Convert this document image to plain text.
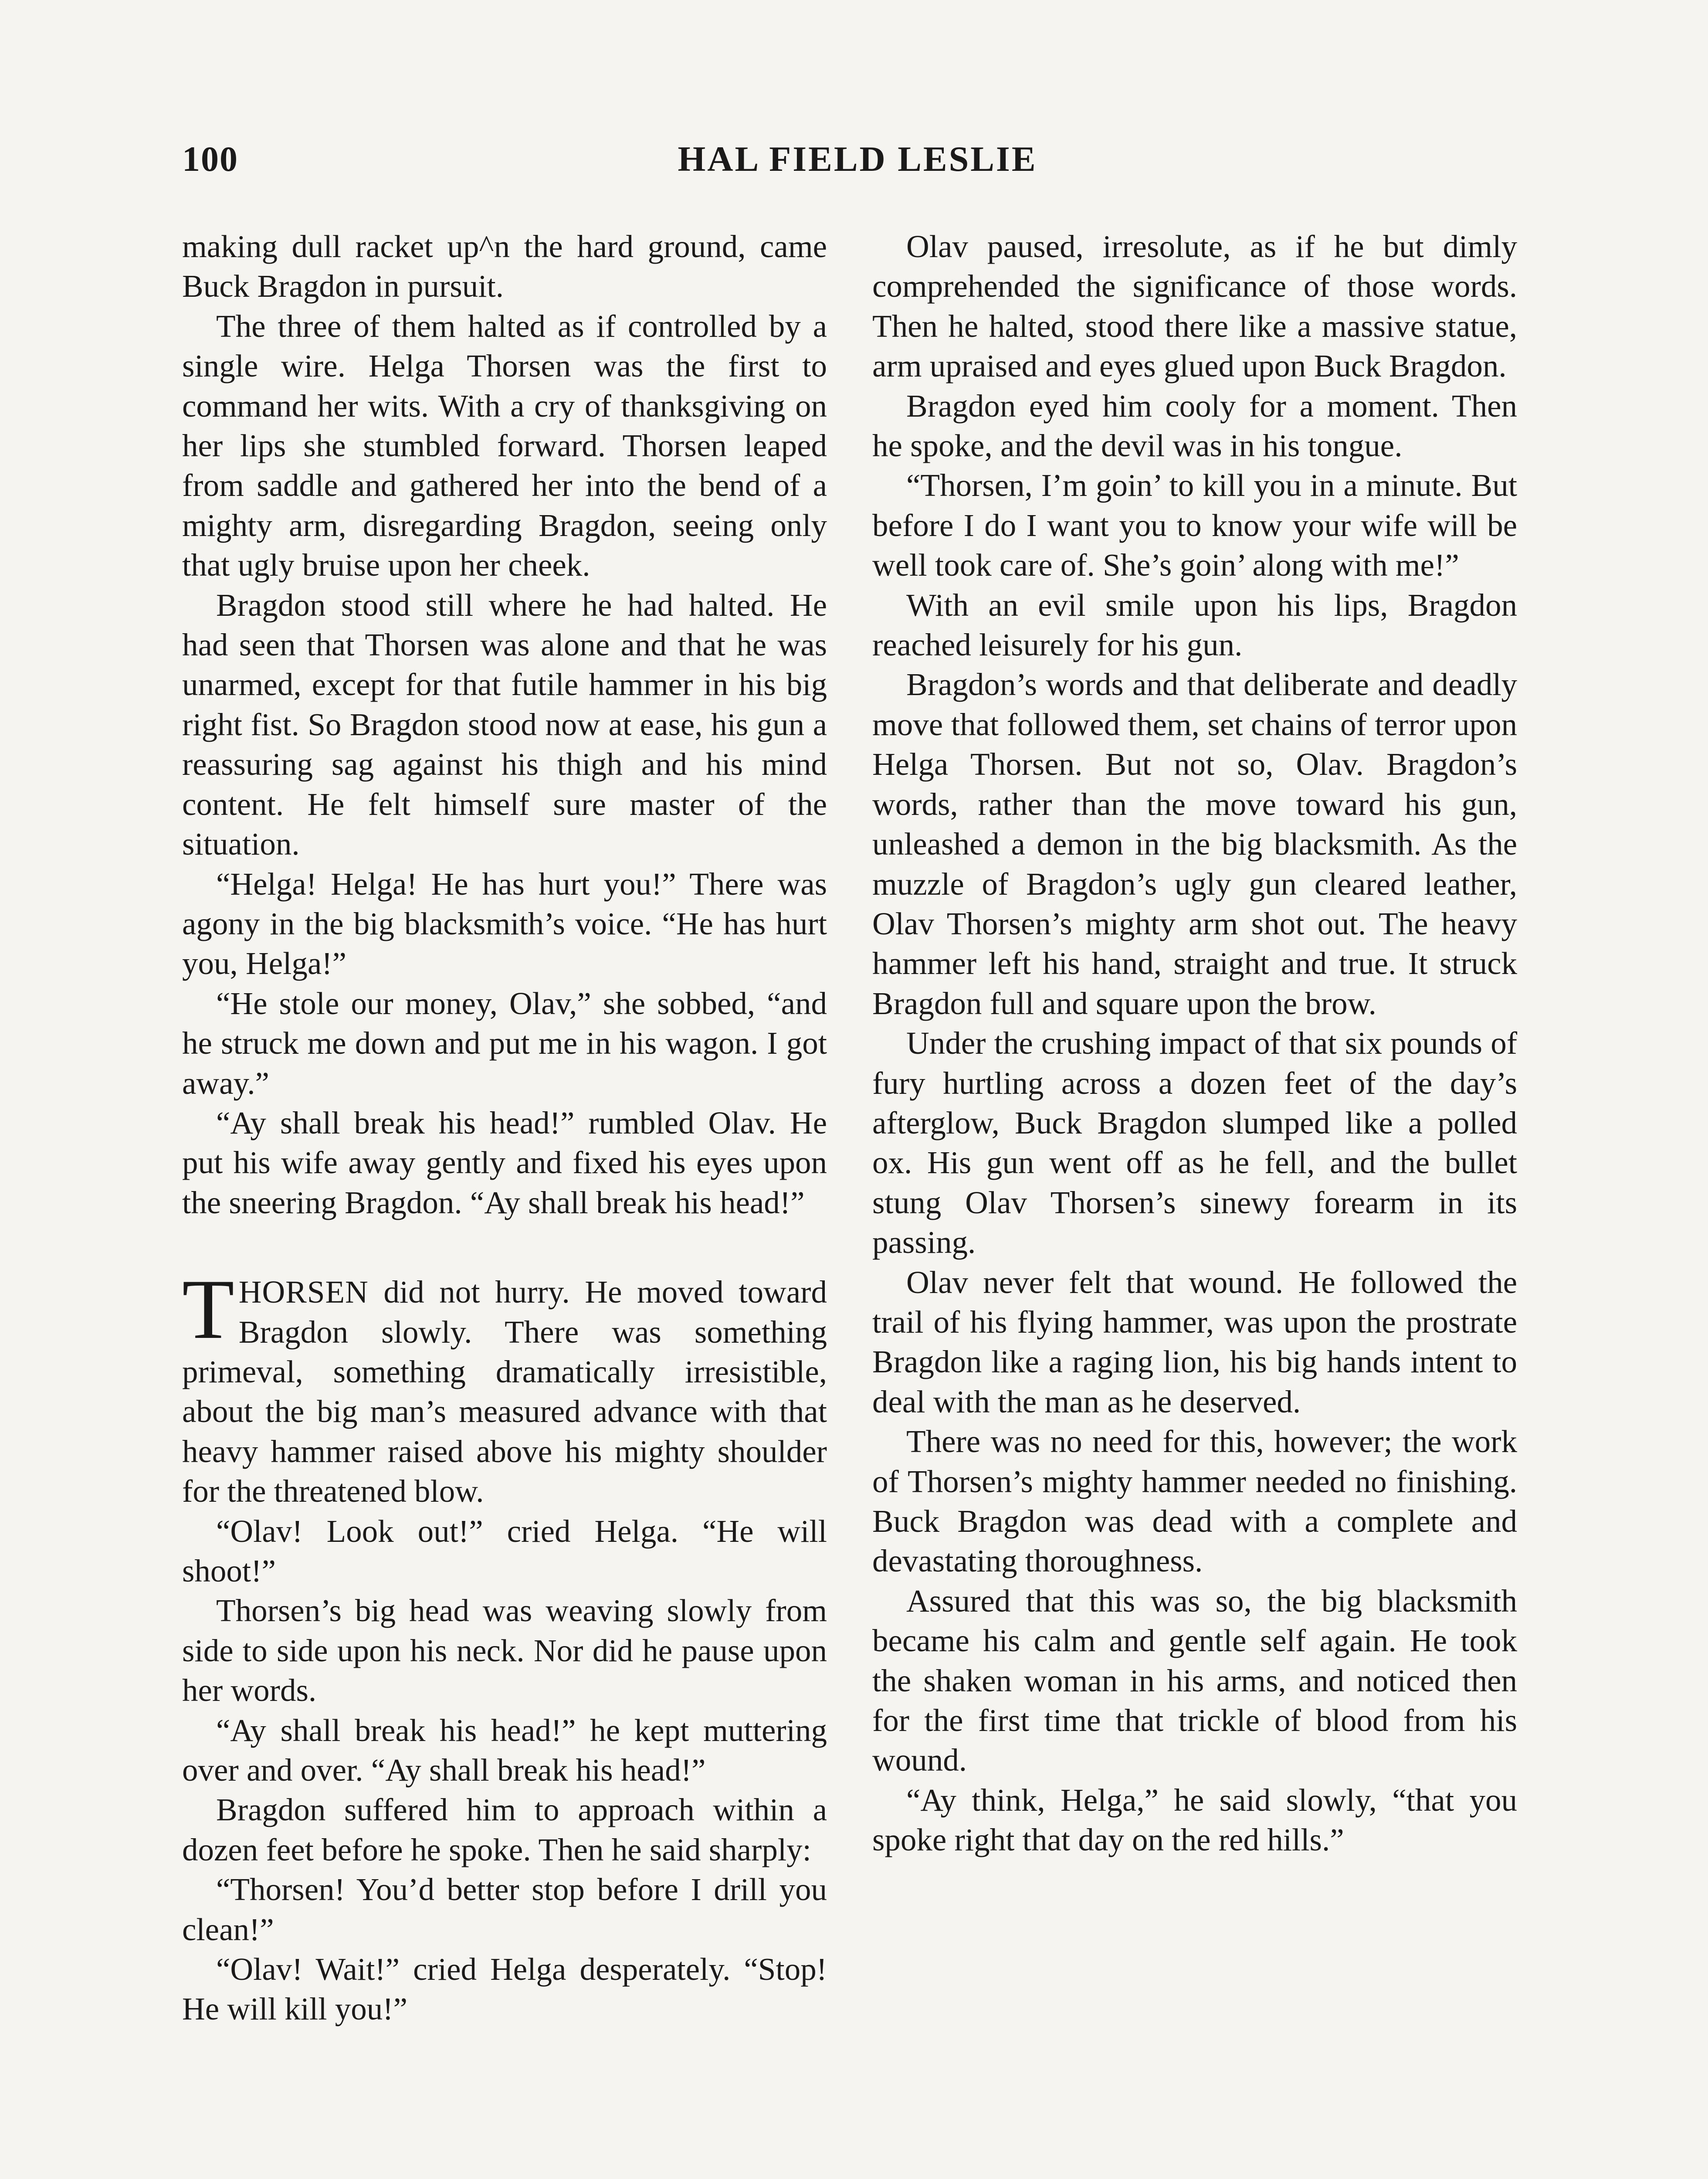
100	HAL FIELD LESLIE

making dull racket up^n the hard ground, came Buck Bragdon in pursuit.

The three of them halted as if controlled by a single wire. Helga Thorsen was the first to command her wits. With a cry of thanksgiving on her lips she stumbled forward. Thorsen leaped from saddle and gathered her into the bend of a mighty arm, disregarding Bragdon, seeing only that ugly bruise upon her cheek.

Bragdon stood still where he had halted. He had seen that Thorsen was alone and that he was unarmed, except for that futile hammer in his big right fist. So Bragdon stood now at ease, his gun a reassuring sag against his thigh and his mind content. He felt himself sure master of the situation.

“Helga! Helga! He has hurt you!” There was agony in the big blacksmith’s voice. “He has hurt you, Helga!”

“He stole our money, Olav,” she sobbed, “and he struck me down and put me in his wagon. I got away.”

“Ay shall break his head!” rumbled Olav. He put his wife away gently and fixed his eyes upon the sneering Bragdon. “Ay shall break his head!”

THORSEN did not hurry. He moved toward Bragdon slowly. There was something primeval, something dramatically irresistible, about the big man’s measured advance with that heavy hammer raised above his mighty shoulder for the threatened blow.

“Olav! Look out!” cried Helga. “He will shoot!”

Thorsen’s big head was weaving slowly from side to side upon his neck. Nor did he pause upon her words.

“Ay shall break his head!” he kept muttering over and over. “Ay shall break his head!”

Bragdon suffered him to approach within a dozen feet before he spoke. Then he said sharply:

“Thorsen! You’d better stop before I drill you clean!”

“Olav! Wait!” cried Helga desperately. “Stop! He will kill you!”

Olav paused, irresolute, as if he but dimly comprehended the significance of those words. Then he halted, stood there like a massive statue, arm upraised and eyes glued upon Buck Bragdon.

Bragdon eyed him cooly for a moment. Then he spoke, and the devil was in his tongue.

“Thorsen, I’m goin’ to kill you in a minute. But before I do I want you to know your wife will be well took care of. She’s goin’ along with me!”

With an evil smile upon his lips, Bragdon reached leisurely for his gun.

Bragdon’s words and that deliberate and deadly move that followed them, set chains of terror upon Helga Thorsen. But not so, Olav. Bragdon’s words, rather than the move toward his gun, unleashed a demon in the big blacksmith. As the muzzle of Bragdon’s ugly gun cleared leather, Olav Thorsen’s mighty arm shot out. The heavy hammer left his hand, straight and true. It struck Bragdon full and square upon the brow.

Under the crushing impact of that six pounds of fury hurtling across a dozen feet of the day’s afterglow, Buck Bragdon slumped like a polled ox. His gun went off as he fell, and the bullet stung Olav Thorsen’s sinewy forearm in its passing.

Olav never felt that wound. He followed the trail of his flying hammer, was upon the prostrate Bragdon like a raging lion, his big hands intent to deal with the man as he deserved.

There was no need for this, however; the work of Thorsen’s mighty hammer needed no finishing. Buck Bragdon was dead with a complete and devastating thoroughness.

Assured that this was so, the big blacksmith became his calm and gentle self again. He took the shaken woman in his arms, and noticed then for the first time that trickle of blood from his wound.

“Ay think, Helga,” he said slowly, “that you spoke right that day on the red hills.”
